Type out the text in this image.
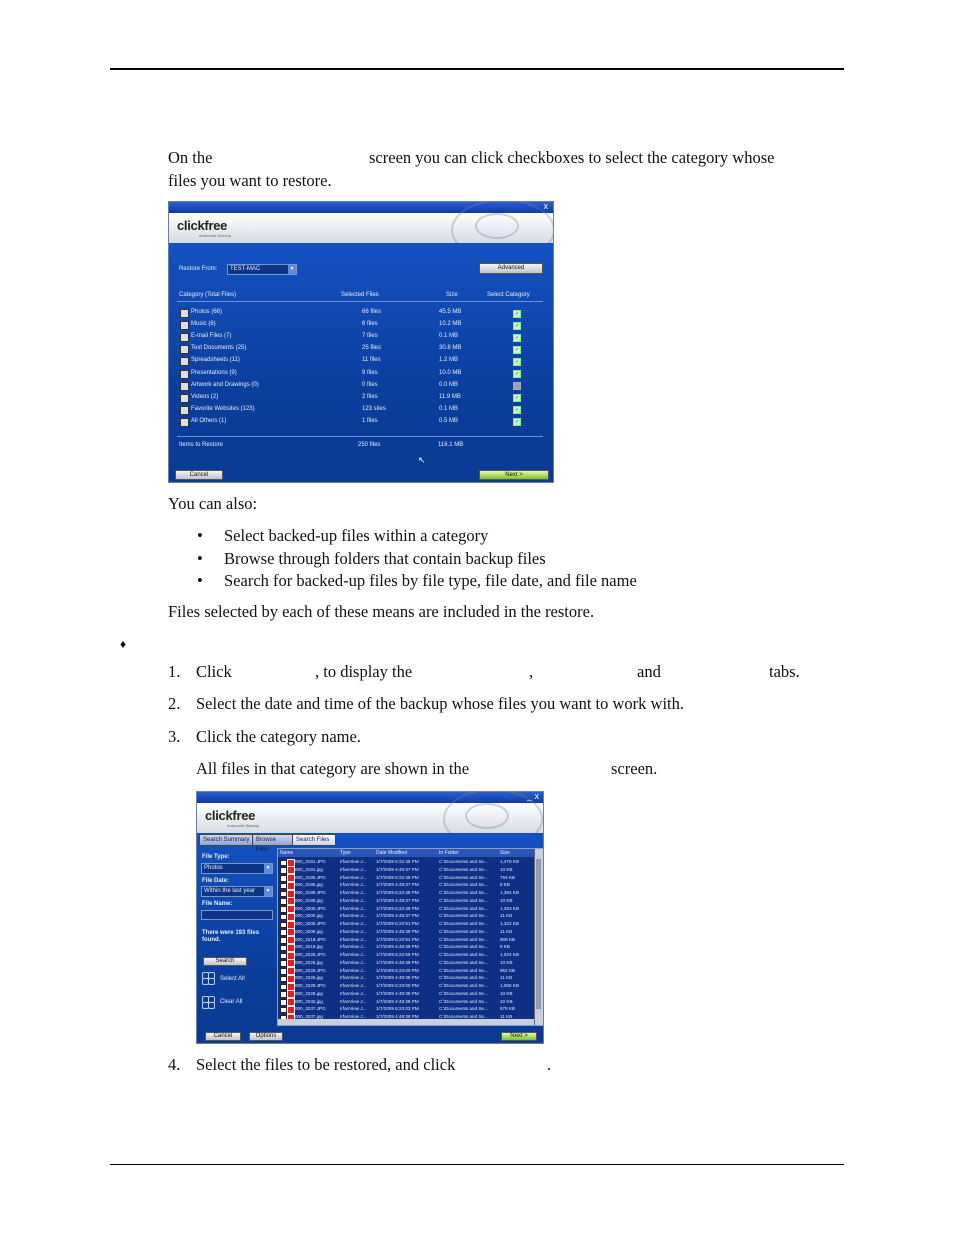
On the	screen you can click checkboxes to select the category whose
files you want to restore.
x
clickfree
Automatic Backup
Restore From: TEST-MAC	▼	Advanced
Category (Total Files)	Selected Files	Size	Select Category
Photos (66)	66 files	45.5 MB	✓
Music (6)	6 files	10.2 MB	✓
E-mail Files (7)	7 files	0.1 MB	✓
Text Documents (25)	25 files	30.8 MB	✓
Spreadsheets (11)	11 files	1.2 MB	✓
Presentations (9)	9 files	10.0 MB	✓
Artwork and Drawings (0)	0 files	0.0 MB
Videos (2)	2 files	11.9 MB	✓
Favorite Websites (123)	123 sites	0.1 MB	✓
All Others (1)	1 files	0.5 MB	✓
Items to Restore	250 files	116.1 MB
↖
Cancel	Next >
You can also:
• Select backed-up files within a category
• Browse through folders that contain backup files
• Search for backed-up files by file type, file date, and file name
Files selected by each of these means are included in the restore.
♦
1. Click	, to display the	,	and	tabs.
2. Select the date and time of the backup whose files you want to work with.
3. Click the category name.
All files in that category are shown in the	screen.
_ x
clickfree
Automatic Backup
Search Summary	Browse Files
Search Files
File Type:
Photos	▼
File Date:
Within the last year	▼
File Name:
There were 193 files
found.
Search
Select All
Clear All
Name	Type	Date Modified	In Folder	Size
000_3191.JPG	IrfanView J...	1/7/2009 6:22:45 PM	C:\Documents and Se...	1,279 KB
000_3191.jpg	IrfanView J...	1/7/2009 4:48:37 PM	C:\Documents and Se...	10 KB
000_3195.JPG	IrfanView J...	1/7/2009 6:22:46 PM	C:\Documents and Se...	794 KB
000_3195.jpg	IrfanView J...	1/7/2009 4:48:37 PM	C:\Documents and Se...	8 KB
000_3198.JPG	IrfanView J...	1/7/2009 6:22:48 PM	C:\Documents and Se...	1,394 KB
000_3198.jpg	IrfanView J...	1/7/2009 4:48:37 PM	C:\Documents and Se...	10 KB
000_3200.JPG	IrfanView J...	1/7/2009 6:22:49 PM	C:\Documents and Se...	1,253 KB
000_3200.jpg	IrfanView J...	1/7/2009 4:48:37 PM	C:\Documents and Se...	11 KB
000_3206.JPG	IrfanView J...	1/7/2009 6:22:51 PM	C:\Documents and Se...	1,322 KB
000_3206.jpg	IrfanView J...	1/7/2009 4:48:39 PM	C:\Documents and Se...	11 KB
000_3218.JPG	IrfanView J...	1/7/2009 6:22:54 PM	C:\Documents and Se...	908 KB
000_3218.jpg	IrfanView J...	1/7/2009 4:48:38 PM	C:\Documents and Se...	9 KB
000_3225.JPG	IrfanView J...	1/7/2009 6:22:56 PM	C:\Documents and Se...	1,024 KB
000_3225.jpg	IrfanView J...	1/7/2009 4:48:38 PM	C:\Documents and Se...	10 KB
000_3226.JPG	IrfanView J...	1/7/2009 6:23:00 PM	C:\Documents and Se...	852 KB
000_3226.jpg	IrfanView J...	1/7/2009 4:48:38 PM	C:\Documents and Se...	11 KB
000_3228.JPG	IrfanView J...	1/7/2009 6:23:00 PM	C:\Documents and Se...	1,066 KB
000_3228.jpg	IrfanView J...	1/7/2009 4:48:38 PM	C:\Documents and Se...	10 KB
000_3232.jpg	IrfanView J...	1/7/2009 4:48:38 PM	C:\Documents and Se...	10 KB
000_3237.JPG	IrfanView J...	1/7/2009 6:23:03 PM	C:\Documents and Se...	878 KB
000_3237.jpg	IrfanView J...	1/7/2009 4:48:38 PM	C:\Documents and Se...	11 KB
Cancel	Options	Next >
4. Select the files to be restored, and click	.
